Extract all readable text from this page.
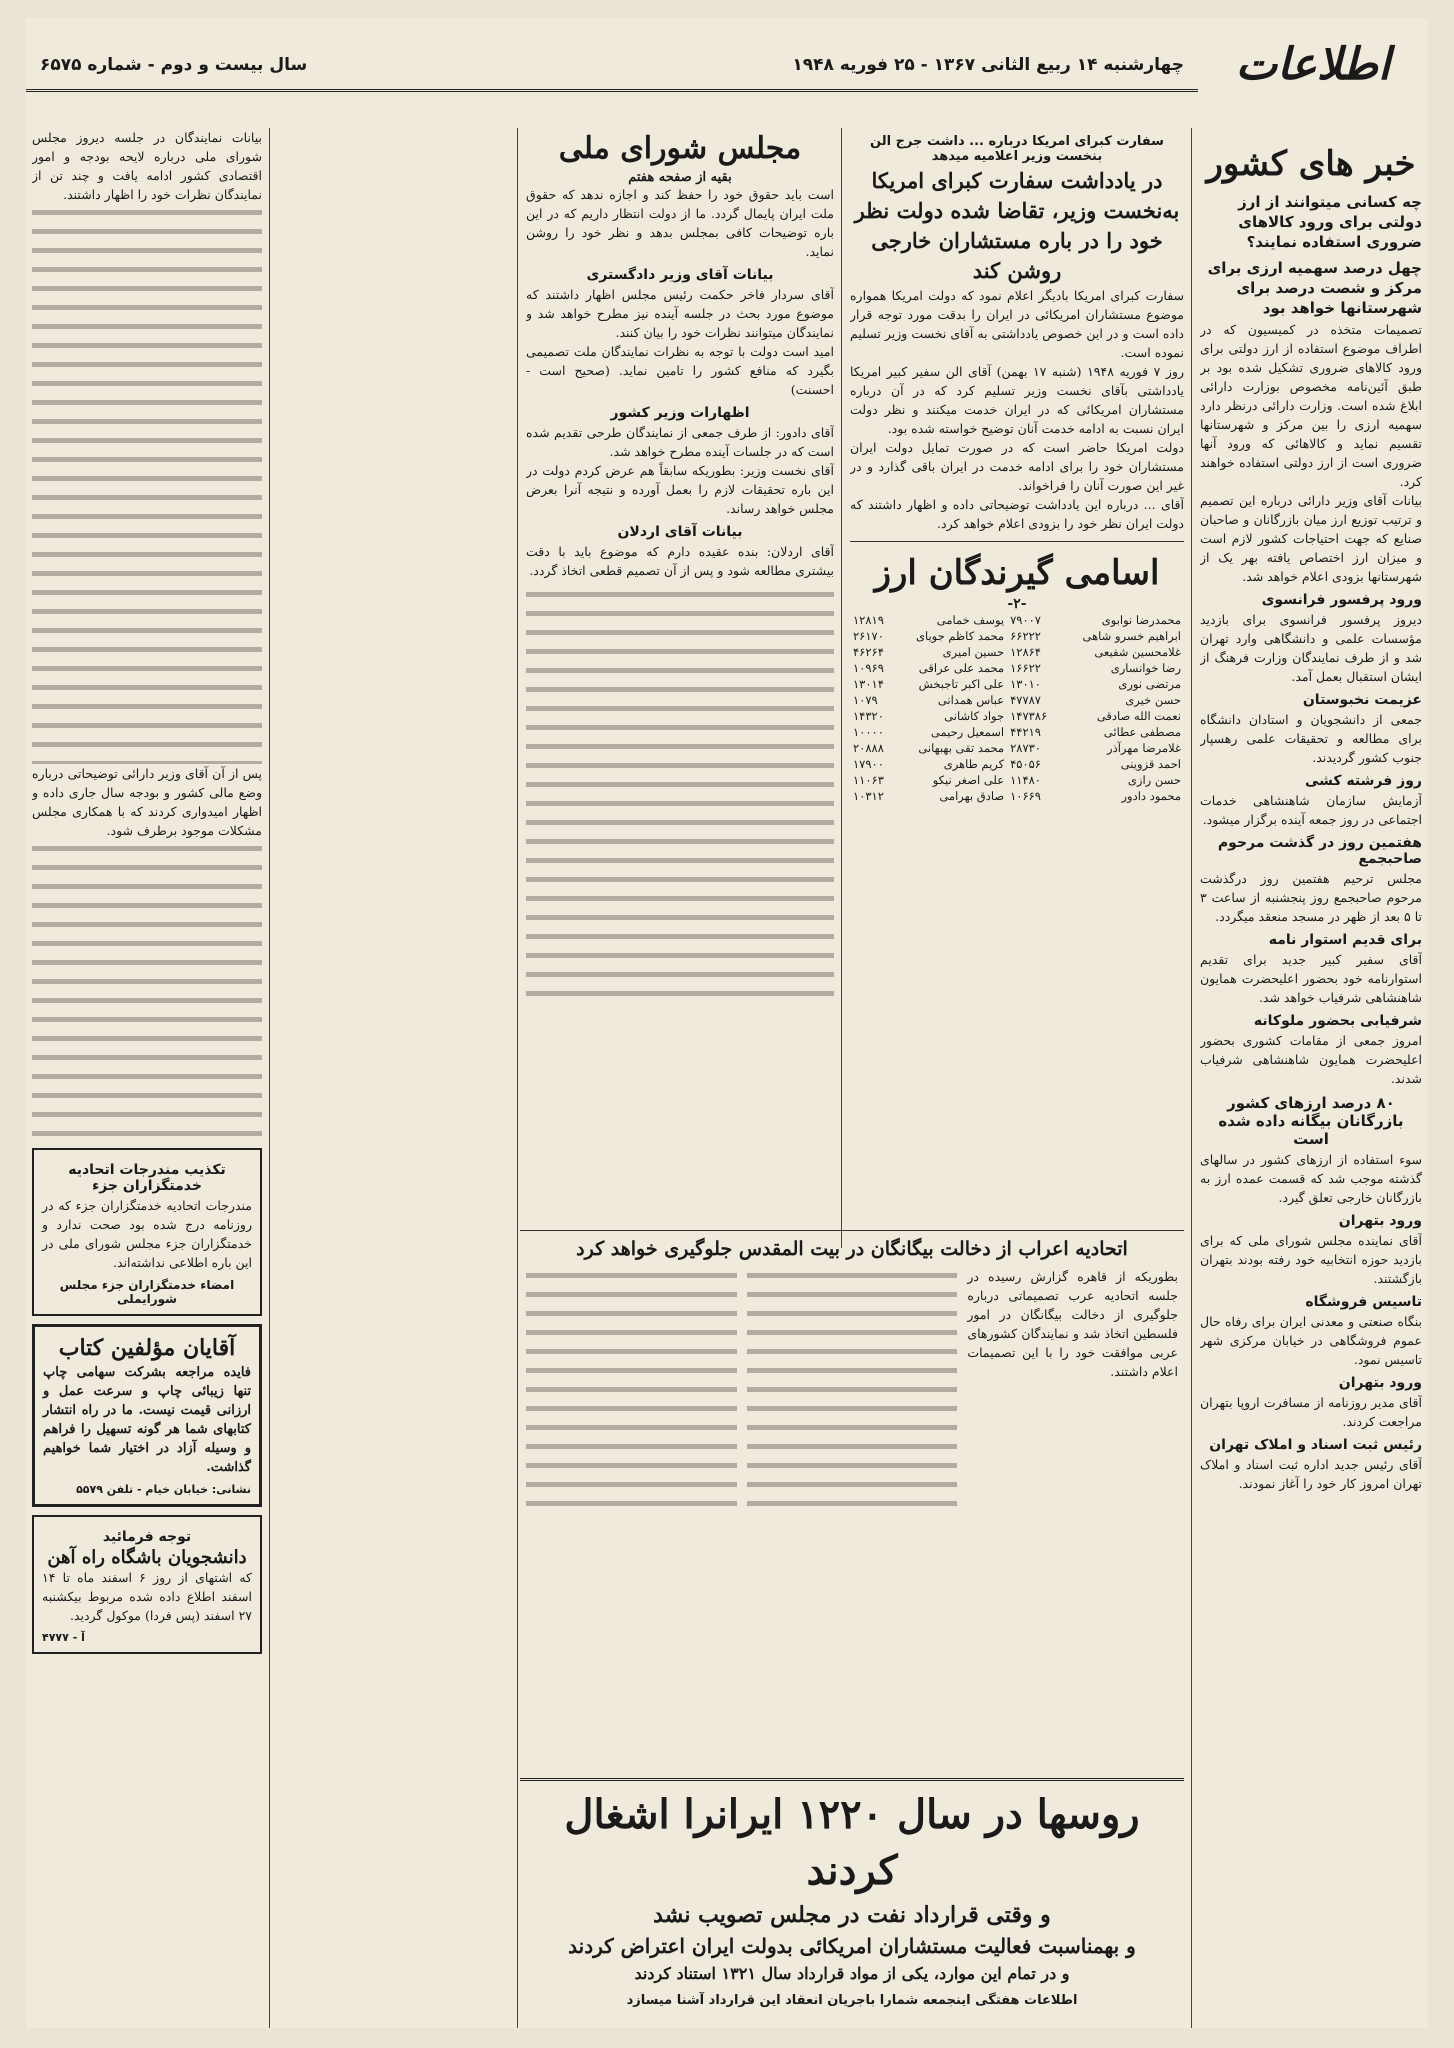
اطلاعات
چهارشنبه ۱۴ ربیع الثانی ۱۳۶۷ - ۲۵ فوریه ۱۹۴۸
سال بیست و دوم - شماره ۶۵۷۵
خبر های کشور
چه کسانی میتوانند از ارز دولتی برای ورود کالاهای ضروری استفاده نمایند؟
چهل درصد سهمیه ارزی برای مرکز و شصت درصد برای شهرستانها خواهد بود

تصمیمات متخذه در کمیسیون که در اطراف موضوع استفاده از ارز دولتی برای ورود کالاهای ضروری تشکیل شده بود بر طبق آئین‌نامه مخصوص بوزارت دارائی ابلاغ شده است. وزارت دارائی درنظر دارد سهمیه ارزی را بین مرکز و شهرستانها تقسیم نماید و کالاهائی که ورود آنها ضروری است از ارز دولتی استفاده خواهند کرد.

بیانات آقای وزیر دارائی درباره این تصمیم و ترتیب توزیع ارز میان بازرگانان و صاحبان صنایع که جهت احتیاجات کشور لازم است و میزان ارز اختصاص یافته بهر یک از شهرستانها بزودی اعلام خواهد شد.

ورود پرفسور فرانسوی

دیروز پرفسور فرانسوی برای بازدید مؤسسات علمی و دانشگاهی وارد تهران شد و از طرف نمایندگان وزارت فرهنگ از ایشان استقبال بعمل آمد.

عزیمت نخبوستان

جمعی از دانشجویان و استادان دانشگاه برای مطالعه و تحقیقات علمی رهسپار جنوب کشور گردیدند.

روز فرشته کشی

آزمایش سازمان شاهنشاهی خدمات اجتماعی در روز جمعه آینده برگزار میشود.

هفتمین روز در گذشت مرحوم صاحبجمع

مجلس ترحیم هفتمین روز درگذشت مرحوم صاحبجمع روز پنجشنبه از ساعت ۳ تا ۵ بعد از ظهر در مسجد منعقد میگردد.

برای قدیم استوار نامه

آقای سفیر کبیر جدید برای تقدیم استوارنامه خود بحضور اعلیحضرت همایون شاهنشاهی شرفیاب خواهد شد.

شرفیابی بحضور ملوکانه

امروز جمعی از مقامات کشوری بحضور اعلیحضرت همایون شاهنشاهی شرفیاب شدند.

۸۰ درصد ارزهای کشور بازرگانان بیگانه داده شده است

سوء استفاده از ارزهای کشور در سالهای گذشته موجب شد که قسمت عمده ارز به بازرگانان خارجی تعلق گیرد.

ورود بتهران

آقای نماینده مجلس شورای ملی که برای بازدید حوزه انتخابیه خود رفته بودند بتهران بازگشتند.

تاسیس فروشگاه

بنگاه صنعتی و معدنی ایران برای رفاه حال عموم فروشگاهی در خیابان مرکزی شهر تاسیس نمود.

ورود بتهران

آقای مدیر روزنامه از مسافرت اروپا بتهران مراجعت کردند.

رئیس ثبت اسناد و املاک تهران

آقای رئیس جدید اداره ثبت اسناد و املاک تهران امروز کار خود را آغاز نمودند.

سفارت کبرای امریکا درباره ... داشت جرج الن بنخست وزیر اعلامیه میدهد
در یادداشت سفارت کبرای امریکا به‌نخست وزیر، تقاضا شده دولت نظر خود را در باره مستشاران خارجی روشن کند

سفارت کبرای امریکا بادیگر اعلام نمود که دولت امریکا همواره موضوع مستشاران امریکائی در ایران را بدقت مورد توجه قرار داده است و در این خصوص یادداشتی به آقای نخست وزیر تسلیم نموده است.

روز ۷ فوریه ۱۹۴۸ (شنبه ۱۷ بهمن) آقای الن سفیر کبیر امریکا یادداشتی بآقای نخست وزیر تسلیم کرد که در آن درباره مستشاران امریکائی که در ایران خدمت میکنند و نظر دولت ایران نسبت به ادامه خدمت آنان توضیح خواسته شده بود.

دولت امریکا حاضر است که در صورت تمایل دولت ایران مستشاران خود را برای ادامه خدمت در ایران باقی گذارد و در غیر این صورت آنان را فراخواند.

آقای ... درباره این یادداشت توضیحاتی داده و اظهار داشتند که دولت ایران نظر خود را بزودی اعلام خواهد کرد.

اسامی گیرندگان ارز
-۲-
محمدرضا نوابوی	۷۹۰۰۷	یوسف خمامی	۱۲۸۱۹
ابراهیم خسرو شاهی	۶۶۲۲۲	محمد کاظم جویای	۲۶۱۷۰
غلامحسین شفیعی	۱۲۸۶۴	حسین امیری	۴۶۲۶۴
رضا خوانساری	۱۶۶۲۲	محمد علی عراقی	۱۰۹۶۹
مرتضی نوری	۱۳۰۱۰	علی اکبر تاجبخش	۱۳۰۱۴
حسن خیری	۴۷۷۸۷	عباس همدانی	۱۰۷۹
نعمت الله صادقی	۱۴۷۳۸۶	جواد کاشانی	۱۴۳۲۰
مصطفی عطائی	۴۴۲۱۹	اسمعیل رحیمی	۱۰۰۰۰
غلامرضا مهرآذر	۲۸۷۳۰	محمد تقی بهبهانی	۲۰۸۸۸
احمد قزوینی	۴۵۰۵۶	کریم طاهری	۱۷۹۰۰
حسن رازی	۱۱۴۸۰	علی اصغر نیکو	۱۱۰۶۳
محمود دادور	۱۰۶۶۹	صادق بهرامی	۱۰۳۱۲
مجلس شورای ملی
بقیه از صفحه هفتم

است باید حقوق خود را حفظ کند و اجازه ندهد که حقوق ملت ایران پایمال گردد. ما از دولت انتظار داریم که در این باره توضیحات کافی بمجلس بدهد و نظر خود را روشن نماید.

بیانات آقای وزیر دادگستری

آقای سردار فاخر حکمت رئیس مجلس اظهار داشتند که موضوع مورد بحث در جلسه آینده نیز مطرح خواهد شد و نمایندگان میتوانند نظرات خود را بیان کنند.

امید است دولت با توجه به نظرات نمایندگان ملت تصمیمی بگیرد که منافع کشور را تامین نماید. (صحیح است - احسنت)

اظهارات وزیر کشور

آقای دادور: از طرف جمعی از نمایندگان طرحی تقدیم شده است که در جلسات آینده مطرح خواهد شد.

آقای نخست وزیر: بطوریکه سابقاً هم عرض کردم دولت در این باره تحقیقات لازم را بعمل آورده و نتیجه آنرا بعرض مجلس خواهد رساند.

بیانات آقای اردلان

آقای اردلان: بنده عقیده دارم که موضوع باید با دقت بیشتری مطالعه شود و پس از آن تصمیم قطعی اتخاذ گردد.

بیانات نمایندگان در جلسه دیروز مجلس شورای ملی درباره لایحه بودجه و امور اقتصادی کشور ادامه یافت و چند تن از نمایندگان نظرات خود را اظهار داشتند.

پس از آن آقای وزیر دارائی توضیحاتی درباره وضع مالی کشور و بودجه سال جاری داده و اظهار امیدواری کردند که با همکاری مجلس مشکلات موجود برطرف شود.

تکذیب مندرجات اتحادیه خدمتگزاران جزء

مندرجات اتحادیه خدمتگزاران جزء که در روزنامه درج شده بود صحت ندارد و خدمتگزاران جزء مجلس شورای ملی در این باره اطلاعی نداشته‌اند.

امضاء خدمتگزاران جزء مجلس شورایملی
آقایان مؤلفین کتاب

فایده مراجعه بشرکت سهامی چاپ تنها زیبائی چاپ و سرعت عمل و ارزانی قیمت نیست. ما در راه انتشار کتابهای شما هر گونه تسهیل را فراهم و وسیله آزاد در اختیار شما خواهیم گذاشت.

نشانی: خیابان خیام - تلفن ۵۵۷۹
توجه فرمائید
دانشجویان باشگاه راه آهن

که اشتهای از روز ۶ اسفند ماه تا ۱۴ اسفند اطلاع داده شده مربوط بیکشنبه ۲۷ اسفند (پس فردا) موکول گردید.

آ - ۴۷۷۷
اتحادیه اعراب از دخالت بیگانگان در بیت المقدس جلوگیری خواهد کرد

بطوریکه از قاهره گزارش رسیده در جلسه اتحادیه عرب تصمیماتی درباره جلوگیری از دخالت بیگانگان در امور فلسطین اتخاذ شد و نمایندگان کشورهای عربی موافقت خود را با این تصمیمات اعلام داشتند.

روسها در سال ۱۲۲۰ ایرانرا اشغال کردند
و وقتی قرارداد نفت در مجلس تصویب نشد
و بهمناسبت فعالیت مستشاران امریکائی بدولت ایران اعتراض کردند
و در تمام این موارد، یکی از مواد قرارداد سال ۱۳۲۱ استناد کردند
اطلاعات هفتگی اینجمعه شمارا باجریان انعقاد این قرارداد آشنا میسازد
